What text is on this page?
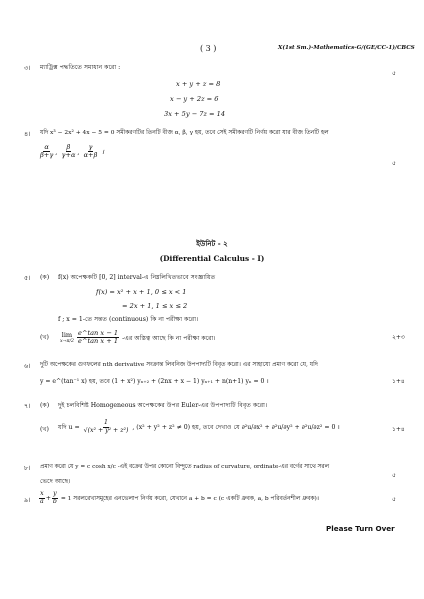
( 3 )	X(1st Sm.)-Mathematics-G/(GE/CC-1)/CBCS
৩। ম্যাট্রিক্স পদ্ধতিতে সমাধান করো :
৫
x + y + z = 8
x − y + 2z = 6
3x + 5y − 7z = 14
৪। যদি x³ − 2x² + 4x − 5 = 0 সমীকরণটির তিনটি বীজ α, β, γ হয়, তবে সেই সমীকরণটি নির্ণয় করো যার বীজ তিনটি হল
$\frac{\alpha}{\beta+\gamma}$ , $\frac{\beta}{\gamma+\alpha}$ , $\frac{\gamma}{\alpha+\beta}$ ।
৫
ইউনিট - ২
(Differential Calculus - I)
৫। (ক) f(x) অপেক্ষকটি [0, 2] interval-এ নিম্নলিখিতভাবে সংজ্ঞায়িত
f(x) = x² + x + 1, 0 ≤ x < 1
= 2x + 1, 1 ≤ x ≤ 2
f ; x = 1-তে সন্তত (continuous) কি না পরীক্ষা করো।
(খ) lim
x→π/2
$\frac{\text{e\textasciicircum{}tan x − 1}}{\text{e\textasciicircum{}tan x + 1}}$ -এর অস্তিত্ব আছে কি না পরীক্ষা করো।	২+৩
৬। দুটি অপেক্ষকের গুণফলের nth derivative সংক্রান্ত লিবনিজ উপপাদ্যটি বিবৃত করো। এর সাহায্যে প্রমাণ করো যে, যদি
y = e^(tan⁻¹ x) হয়, তবে (1 + x²) yₙ₊₂ + (2nx + x − 1) yₙ₊₁ + n(n+1) yₙ = 0 ।	১+৪
৭। (ক) দুই চলবিশিষ্ট Homogeneous অপেক্ষকের উপর Euler-এর উপপাদ্যটি বিবৃত করো।
(খ) যদি $u = \frac{1}{\text{√(x² + y² + z²)}}$ , (x² + y² + z² ≠ 0) হয়, তবে দেখাও যে ∂²u/∂x² + ∂²u/∂y² + ∂²u/∂z² = 0 ।	১+৪
৮। প্রমাণ করো যে y = c cosh x/c -এই বক্রের উপর কোনো বিন্দুতে radius of curvature, ordinate-এর বর্গের সাথে সরল
ভেদে আছে।
৫
৯। $\frac{x}{a} + \frac{y}{b} = 1$ সরলরেখাসমূহের এনভেলাপ নির্ণয় করো, যেখানে a + b = c (c একটি ধ্রুবক, a, b পরিবর্তনশীল ধ্রুবক)।	৫
Please Turn Over
